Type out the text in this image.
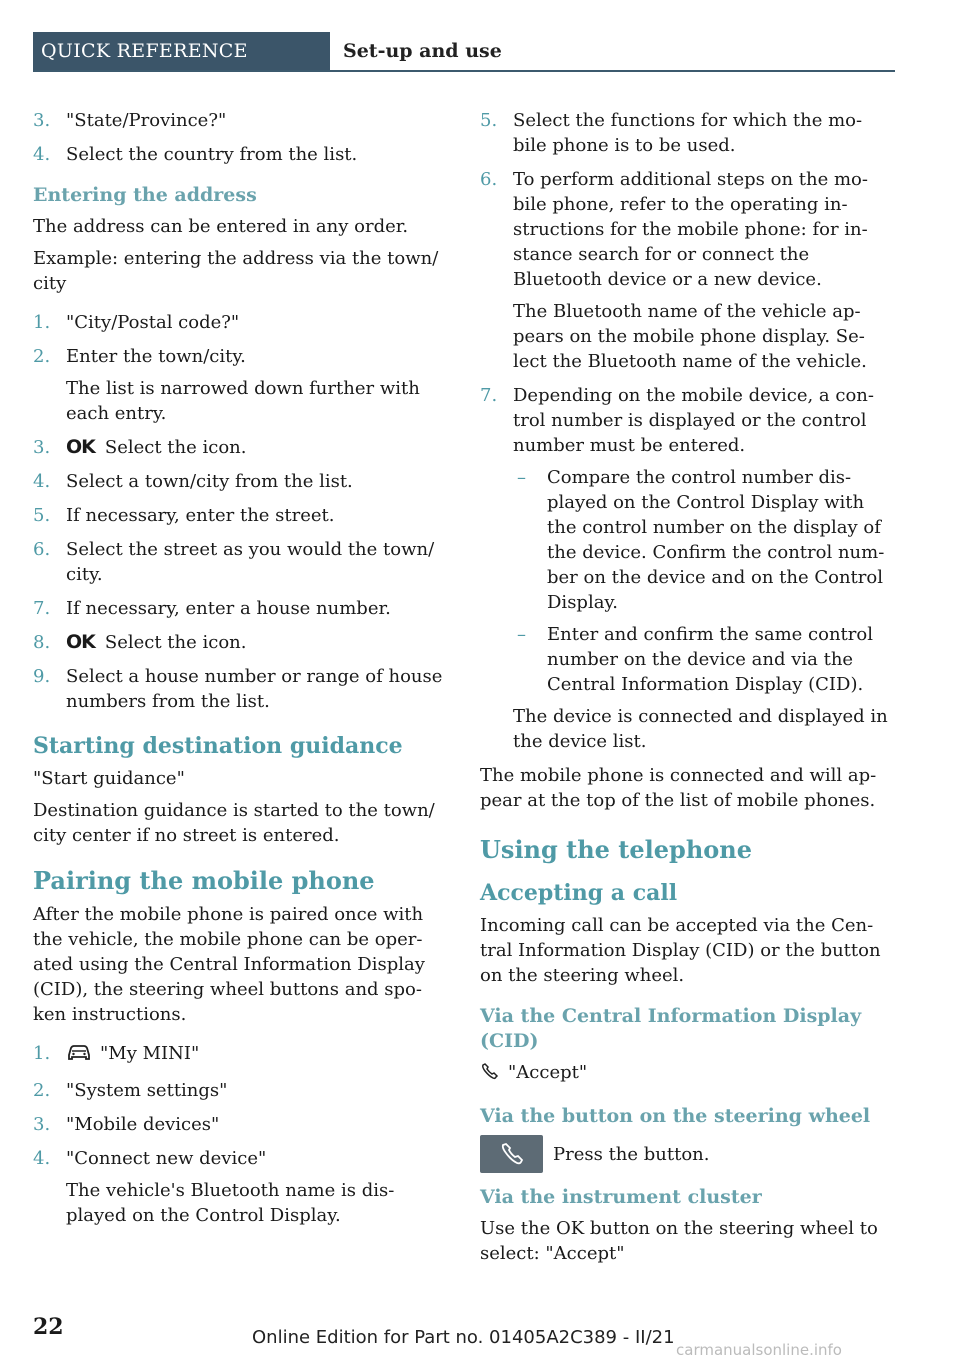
QUICK REFERENCE	Set-up and use
3. "State/Province?"
4. Select the country from the list.
Entering the address

The address can be entered in any order.

Example: entering the address via the town/ city

1. "City/Postal code?"
2. Enter the town/city.
The list is narrowed down further with each entry.
3. OK Select the icon.
4. Select a town/city from the list.
5. If necessary, enter the street.
6. Select the street as you would the town/ city.
7. If necessary, enter a house number.
8. OK Select the icon.
9. Select a house number or range of house numbers from the list.
Starting destination guidance

"Start guidance"

Destination guidance is started to the town/ city center if no street is entered.

Pairing the mobile phone

After the mobile phone is paired once with the vehicle, the mobile phone can be oper- ated using the Central Information Display (CID), the steering wheel buttons and spo- ken instructions.

1.	"My MINI"
2. "System settings"
3. "Mobile devices"
4. "Connect new device"
The vehicle's Bluetooth name is dis- played on the Control Display.
5. Select the functions for which the mo- bile phone is to be used.
6. To perform additional steps on the mo- bile phone, refer to the operating in- structions for the mobile phone: for in- stance search for or connect the Bluetooth device or a new device.
The Bluetooth name of the vehicle ap- pears on the mobile phone display. Se- lect the Bluetooth name of the vehicle.
7. Depending on the mobile device, a con- trol number is displayed or the control number must be entered.
– Compare the control number dis- played on the Control Display with the control number on the display of the device. Confirm the control num- ber on the device and on the Control Display.
– Enter and confirm the same control number on the device and via the Central Information Display (CID).
The device is connected and displayed in the device list.

The mobile phone is connected and will ap- pear at the top of the list of mobile phones.

Using the telephone
Accepting a call

Incoming call can be accepted via the Cen- tral Information Display (CID) or the button on the steering wheel.

Via the Central Information Display (CID)

"Accept"

Via the button on the steering wheel
Press the button.
Via the instrument cluster

Use the OK button on the steering wheel to select: "Accept"

22	Online Edition for Part no. 01405A2C389 - II/21
carmanualsonline.info
